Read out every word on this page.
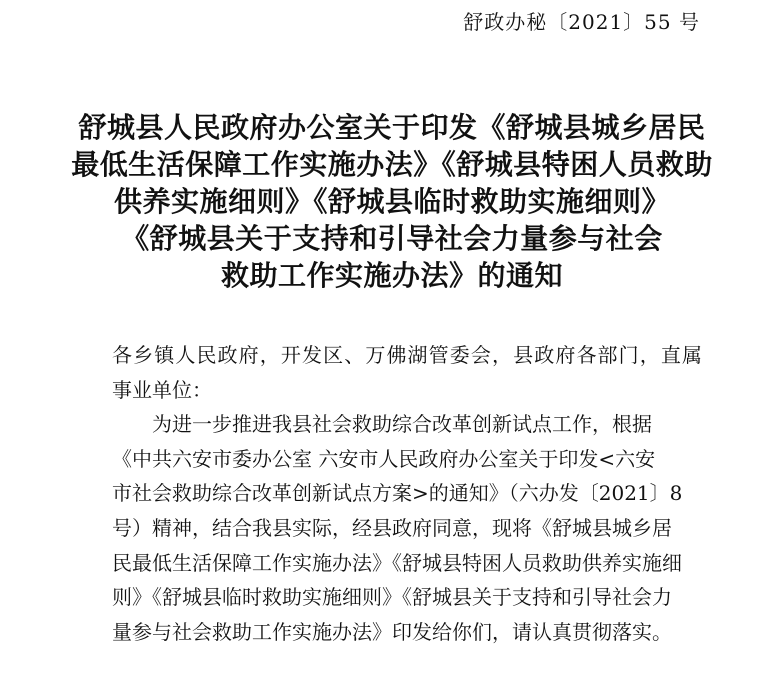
舒政办秘〔2021〕55 号
舒城县人民政府办公室关于印发《舒城县城乡居民
最低生活保障工作实施办法》《舒城县特困人员救助
供养实施细则》《舒城县临时救助实施细则》
《舒城县关于支持和引导社会力量参与社会
救助工作实施办法》的通知
各乡镇人民政府，开发区、万佛湖管委会，县政府各部门，直属
事业单位：
为进一步推进我县社会救助综合改革创新试点工作，根据
《中共六安市委办公室 六安市人民政府办公室关于印发<六安
市社会救助综合改革创新试点方案>的通知》（六办发〔2021〕8
号）精神，结合我县实际，经县政府同意，现将《舒城县城乡居
民最低生活保障工作实施办法》《舒城县特困人员救助供养实施细
则》《舒城县临时救助实施细则》《舒城县关于支持和引导社会力
量参与社会救助工作实施办法》印发给你们，请认真贯彻落实。
